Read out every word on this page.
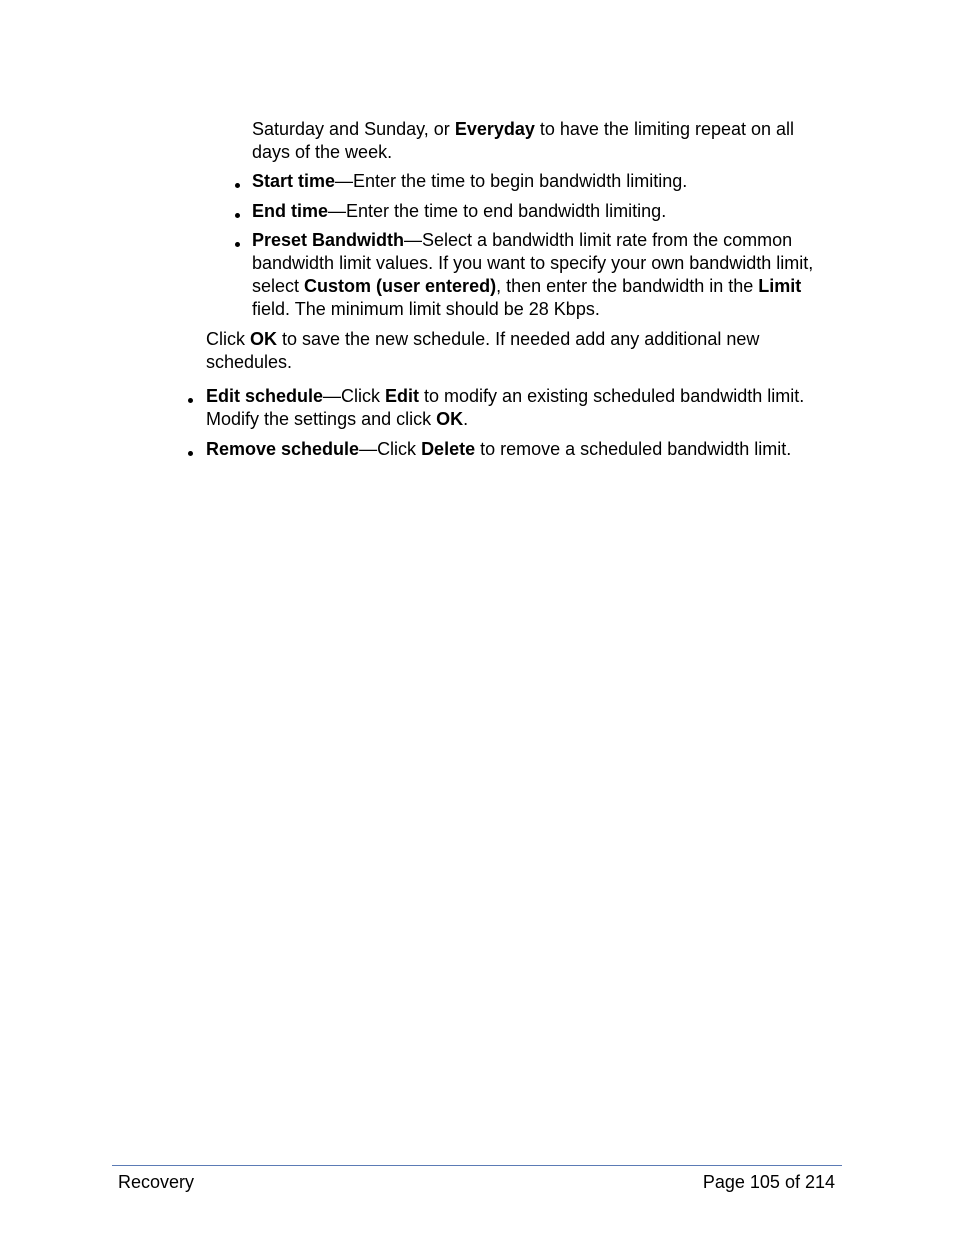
Saturday and Sunday, or Everyday to have the limiting repeat on all
days of the week.
Start time—Enter the time to begin bandwidth limiting.
End time—Enter the time to end bandwidth limiting.
Preset Bandwidth—Select a bandwidth limit rate from the common
bandwidth limit values. If you want to specify your own bandwidth limit,
select Custom (user entered), then enter the bandwidth in the Limit
field. The minimum limit should be 28 Kbps.
Click OK to save the new schedule. If needed add any additional new
schedules.
Edit schedule—Click Edit to modify an existing scheduled bandwidth limit.
Modify the settings and click OK.
Remove schedule—Click Delete to remove a scheduled bandwidth limit.
Recovery	Page 105 of 214
